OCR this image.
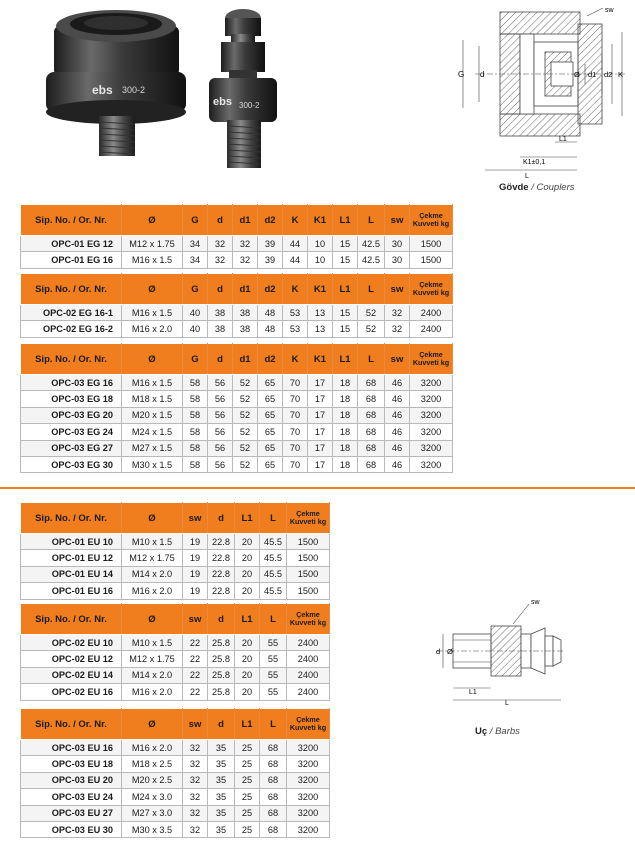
ebs 300-2
ebs 300-2
G d	Ø d1 d2 K
sw
L1
K1±0,1
L
Gövde / Couplers
Sip. No. / Or. Nr.	Ø	G	d	d1	d2	K	K1	L1	L	sw	Çekme Kuvveti kg
OPC-01 EG 12	M12 x 1.75	34	32	32	39	44	10	15	42.5	30	1500
OPC-01 EG 16	M16 x 1.5	34	32	32	39	44	10	15	42.5	30	1500
Sip. No. / Or. Nr.	Ø	G	d	d1	d2	K	K1	L1	L	sw	Çekme Kuvveti kg
OPC-02 EG 16-1	M16 x 1.5	40	38	38	48	53	13	15	52	32	2400
OPC-02 EG 16-2	M16 x 2.0	40	38	38	48	53	13	15	52	32	2400
Sip. No. / Or. Nr.	Ø	G	d	d1	d2	K	K1	L1	L	sw	Çekme Kuvveti kg
OPC-03 EG 16	M16 x 1.5	58	56	52	65	70	17	18	68	46	3200
OPC-03 EG 18	M18 x 1.5	58	56	52	65	70	17	18	68	46	3200
OPC-03 EG 20	M20 x 1.5	58	56	52	65	70	17	18	68	46	3200
OPC-03 EG 24	M24 x 1.5	58	56	52	65	70	17	18	68	46	3200
OPC-03 EG 27	M27 x 1.5	58	56	52	65	70	17	18	68	46	3200
OPC-03 EG 30	M30 x 1.5	58	56	52	65	70	17	18	68	46	3200
Sip. No. / Or. Nr.	Ø	sw	d	L1	L	Çekme Kuvveti kg
OPC-01 EU 10	M10 x 1.5	19	22.8	20	45.5	1500
OPC-01 EU 12	M12 x 1.75	19	22.8	20	45.5	1500
OPC-01 EU 14	M14 x 2.0	19	22.8	20	45.5	1500
OPC-01 EU 16	M16 x 2.0	19	22.8	20	45.5	1500
Sip. No. / Or. Nr.	Ø	sw	d	L1	L	Çekme Kuvveti kg
OPC-02 EU 10	M10 x 1.5	22	25.8	20	55	2400
OPC-02 EU 12	M12 x 1.75	22	25.8	20	55	2400
OPC-02 EU 14	M14 x 2.0	22	25.8	20	55	2400
OPC-02 EU 16	M16 x 2.0	22	25.8	20	55	2400
Sip. No. / Or. Nr.	Ø	sw	d	L1	L	Çekme Kuvveti kg
OPC-03 EU 16	M16 x 2.0	32	35	25	68	3200
OPC-03 EU 18	M18 x 2.5	32	35	25	68	3200
OPC-03 EU 20	M20 x 2.5	32	35	25	68	3200
OPC-03 EU 24	M24 x 3.0	32	35	25	68	3200
OPC-03 EU 27	M27 x 3.0	32	35	25	68	3200
OPC-03 EU 30	M30 x 3.5	32	35	25	68	3200
d Ø
sw
L1
L
Uç / Barbs
